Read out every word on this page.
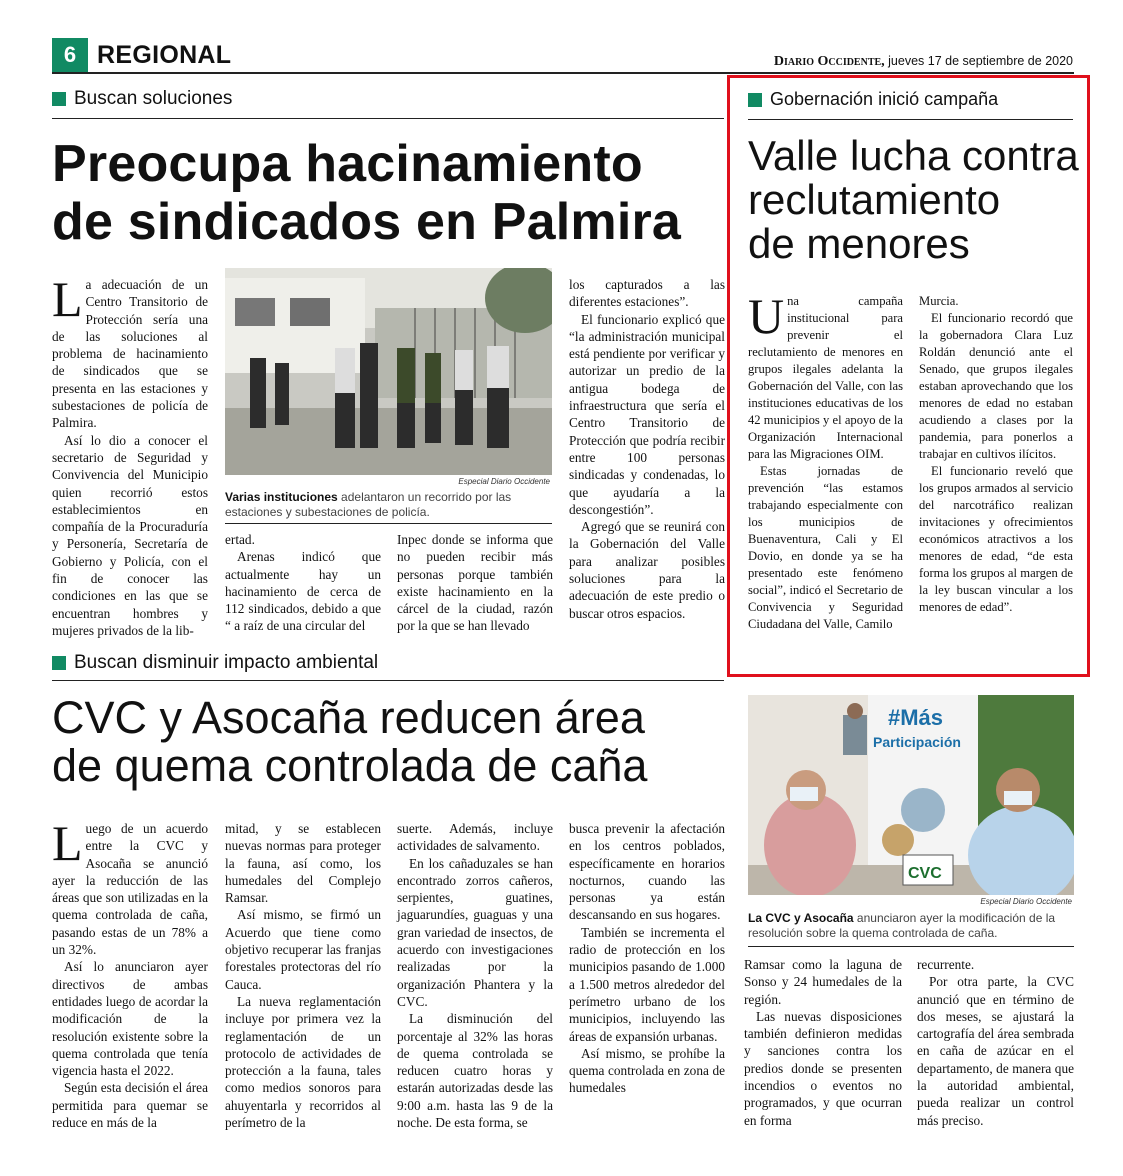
6 REGIONAL	Diario Occidente, jueves 17 de septiembre de 2020
Buscan soluciones
Preocupa hacinamiento
de sindicados en Palmira

La adecuación de un Centro Transitorio de Protección sería una de las soluciones al problema de hacinamiento de sindicados que se presenta en las estaciones y subestaciones de policía de Palmira.

Así lo dio a conocer el secretario de Seguridad y Convivencia del Municipio quien recorrió estos establecimientos en compañía de la Procuraduría y Personería, Secretaría de Gobierno y Policía, con el fin de conocer las condiciones en las que se encuentran hombres y mujeres privados de la lib-

Especial Diario Occidente
Varias instituciones adelantaron un recorrido por las estaciones y subestaciones de policía.

ertad.

Arenas indicó que actualmente hay un hacinamiento de cerca de 112 sindicados, debido a que “ a raíz de una circular del

Inpec donde se informa que no pueden recibir más personas porque también existe hacinamiento en la cárcel de la ciudad, razón por la que se han llevado

los capturados a las diferentes estaciones”.

El funcionario explicó que “la administración municipal está pendiente por verificar y autorizar un predio de la antigua bodega de infraestructura que sería el Centro Transitorio de Protección que podría recibir entre 100 personas sindicadas y condenadas, lo que ayudaría a la descongestión”.

Agregó que se reunirá con la Gobernación del Valle para analizar posibles soluciones para la adecuación de este predio o buscar otros espacios.

Gobernación inició campaña
Valle lucha contra
reclutamiento
de menores

Una campaña institucional para prevenir el reclutamiento de menores en grupos ilegales adelanta la Gobernación del Valle, con las instituciones educativas de los 42 municipios y el apoyo de la Organización Internacional para las Migraciones OIM.

Estas jornadas de prevención “las estamos trabajando especialmente con los municipios de Buenaventura, Cali y El Dovio, en donde ya se ha presentado este fenómeno social”, indicó el Secretario de Convivencia y Seguridad Ciudadana del Valle, Camilo

Murcia.

El funcionario recordó que la gobernadora Clara Luz Roldán denunció ante el Senado, que grupos ilegales estaban aprovechando que los menores de edad no estaban acudiendo a clases por la pandemia, para ponerlos a trabajar en cultivos ilícitos.

El funcionario reveló que los grupos armados al servicio del narcotráfico realizan invitaciones y ofrecimientos económicos atractivos a los menores de edad, “de esta forma los grupos al margen de la ley buscan vincular a los menores de edad”.

Buscan disminuir impacto ambiental
CVC y Asocaña reducen área
de quema controlada de caña

Luego de un acuerdo entre la CVC y Asocaña se anunció ayer la reducción de las áreas que son utilizadas en la quema controlada de caña, pasando estas de un 78% a un 32%.

Así lo anunciaron ayer directivos de ambas entidades luego de acordar la modificación de la resolución existente sobre la quema controlada que tenía vigencia hasta el 2022.

Según esta decisión el área permitida para quemar se reduce en más de la

mitad, y se establecen nuevas normas para proteger la fauna, así como, los humedales del Complejo Ramsar.

Así mismo, se firmó un Acuerdo que tiene como objetivo recuperar las franjas forestales protectoras del río Cauca.

La nueva reglamentación incluye por primera vez la reglamentación de un protocolo de actividades de protección a la fauna, tales como medios sonoros para ahuyentarla y recorridos al perímetro de la

suerte. Además, incluye actividades de salvamento.

En los cañaduzales se han encontrado zorros cañeros, serpientes, guatines, jaguarundíes, guaguas y una gran variedad de insectos, de acuerdo con investigaciones realizadas por la organización Phantera y la CVC.

La disminución del porcentaje al 32% las horas de quema controlada se reducen cuatro horas y estarán autorizadas desde las 9:00 a.m. hasta las 9 de la noche. De esta forma, se

busca prevenir la afectación en los centros poblados, específicamente en horarios nocturnos, cuando las personas ya están descansando en sus hogares.

También se incrementa el radio de protección en los municipios pasando de 1.000 a 1.500 metros alrededor del perímetro urbano de los municipios, incluyendo las áreas de expansión urbanas.

Así mismo, se prohíbe la quema controlada en zona de humedales

#Más
Participación
CVC
Especial Diario Occidente
La CVC y Asocaña anunciaron ayer la modificación de la resolución sobre la quema controlada de caña.

Ramsar como la laguna de Sonso y 24 humedales de la región.

Las nuevas disposiciones también definieron medidas y sanciones contra los predios donde se presenten incendios o eventos no programados, y que ocurran en forma

recurrente.

Por otra parte, la CVC anunció que en término de dos meses, se ajustará la cartografía del área sembrada en caña de azúcar en el departamento, de manera que la autoridad ambiental, pueda realizar un control más preciso.
